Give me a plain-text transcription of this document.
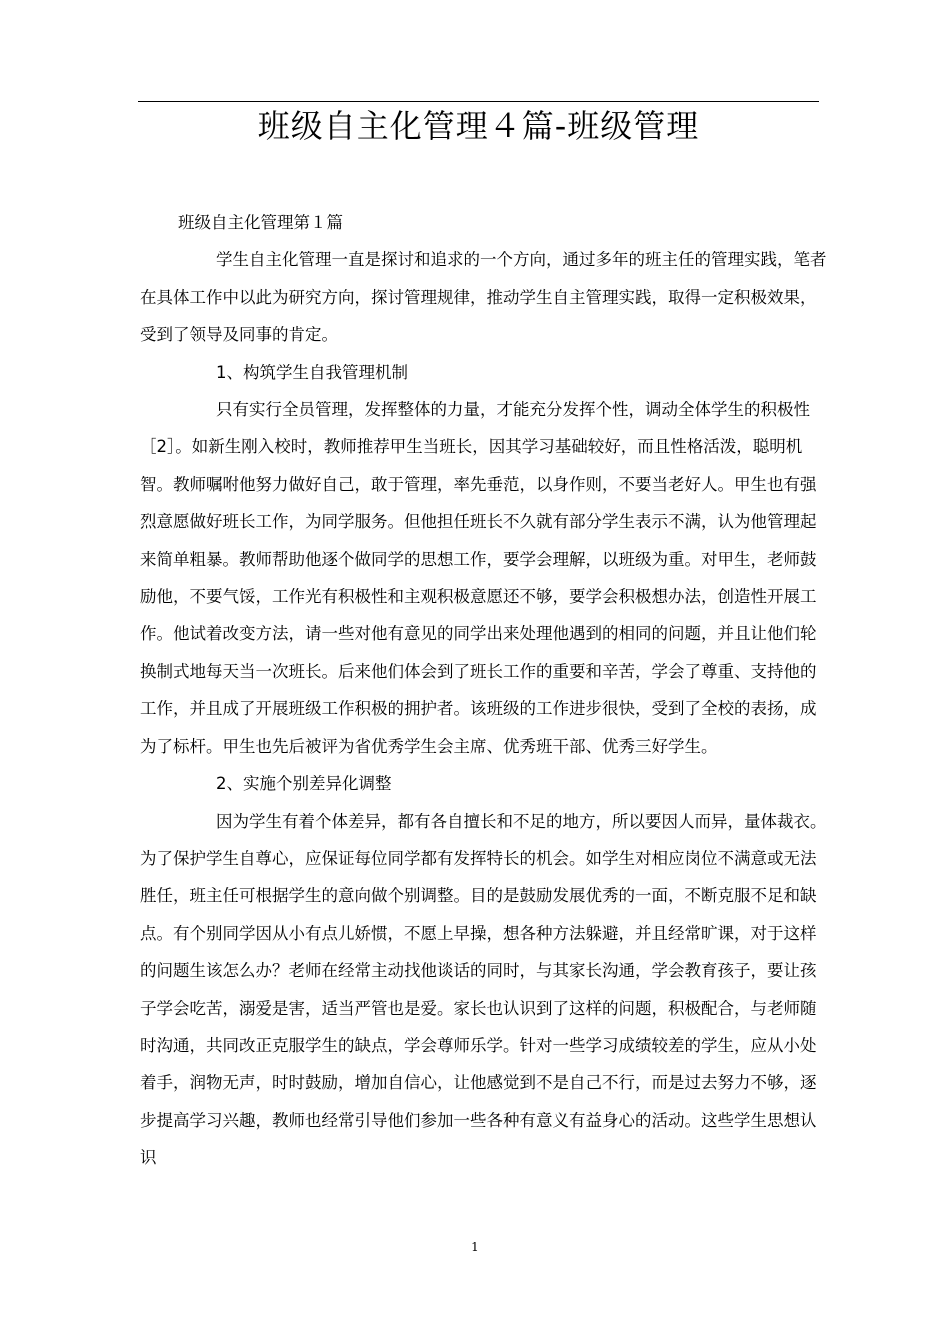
班级自主化管理４篇-班级管理

班级自主化管理第１篇

学生自主化管理一直是探讨和追求的一个方向，通过多年的班主任的管理实践，笔者在具体工作中以此为研究方向，探讨管理规律，推动学生自主管理实践，取得一定积极效果，受到了领导及同事的肯定。

1、构筑学生自我管理机制

只有实行全员管理，发挥整体的力量，才能充分发挥个性，调动全体学生的积极性［2］。如新生刚入校时，教师推荐甲生当班长，因其学习基础较好，而且性格活泼，聪明机智。教师嘱咐他努力做好自己，敢于管理，率先垂范，以身作则，不要当老好人。甲生也有强烈意愿做好班长工作，为同学服务。但他担任班长不久就有部分学生表示不满，认为他管理起来简单粗暴。教师帮助他逐个做同学的思想工作，要学会理解，以班级为重。对甲生，老师鼓励他，不要气馁，工作光有积极性和主观积极意愿还不够，要学会积极想办法，创造性开展工作。他试着改变方法，请一些对他有意见的同学出来处理他遇到的相同的问题，并且让他们轮换制式地每天当一次班长。后来他们体会到了班长工作的重要和辛苦，学会了尊重、支持他的工作，并且成了开展班级工作积极的拥护者。该班级的工作进步很快，受到了全校的表扬，成为了标杆。甲生也先后被评为省优秀学生会主席、优秀班干部、优秀三好学生。

2、实施个别差异化调整

因为学生有着个体差异，都有各自擅长和不足的地方，所以要因人而异，量体裁衣。为了保护学生自尊心，应保证每位同学都有发挥特长的机会。如学生对相应岗位不满意或无法胜任，班主任可根据学生的意向做个别调整。目的是鼓励发展优秀的一面，不断克服不足和缺点。有个别同学因从小有点儿娇惯，不愿上早操，想各种方法躲避，并且经常旷课，对于这样的问题生该怎么办？老师在经常主动找他谈话的同时，与其家长沟通，学会教育孩子，要让孩子学会吃苦，溺爱是害，适当严管也是爱。家长也认识到了这样的问题，积极配合，与老师随时沟通，共同改正克服学生的缺点，学会尊师乐学。针对一些学习成绩较差的学生，应从小处着手，润物无声，时时鼓励，增加自信心，让他感觉到不是自己不行，而是过去努力不够，逐步提高学习兴趣，教师也经常引导他们参加一些各种有意义有益身心的活动。这些学生思想认识

1
